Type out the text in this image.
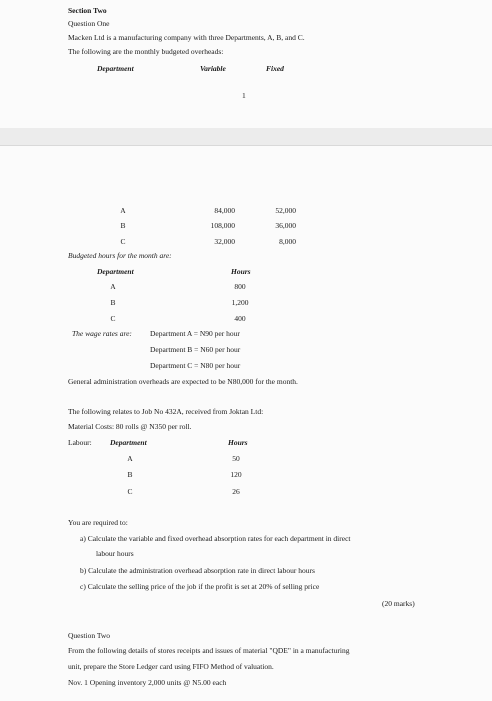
Section Two
Question One
Macken Ltd is a manufacturing company with three Departments, A, B, and C.
The following are the monthly budgeted overheads:
Department	Variable	Fixed
1
A	84,000	52,000
B	108,000	36,000
C	32,000	8,000
Budgeted hours for the month are:
Department	Hours
A	800
B	1,200
C	400
The wage rates are: Department A = N90 per hour
Department B = N60 per hour
Department C = N80 per hour
General administration overheads are expected to be N80,000 for the month.
The following relates to Job No 432A, received from Joktan Ltd:
Material Costs: 80 rolls @ N350 per roll.
Labour: Department	Hours
A	50
B	120
C	26
You are required to:
a) Calculate the variable and fixed overhead absorption rates for each department in direct
labour hours
b) Calculate the administration overhead absorption rate in direct labour hours
c) Calculate the selling price of the job if the profit is set at 20% of selling price
(20 marks)
Question Two
From the following details of stores receipts and issues of material "QDE" in a manufacturing
unit, prepare the Store Ledger card using FIFO Method of valuation.
Nov. 1 Opening inventory 2,000 units @ N5.00 each
